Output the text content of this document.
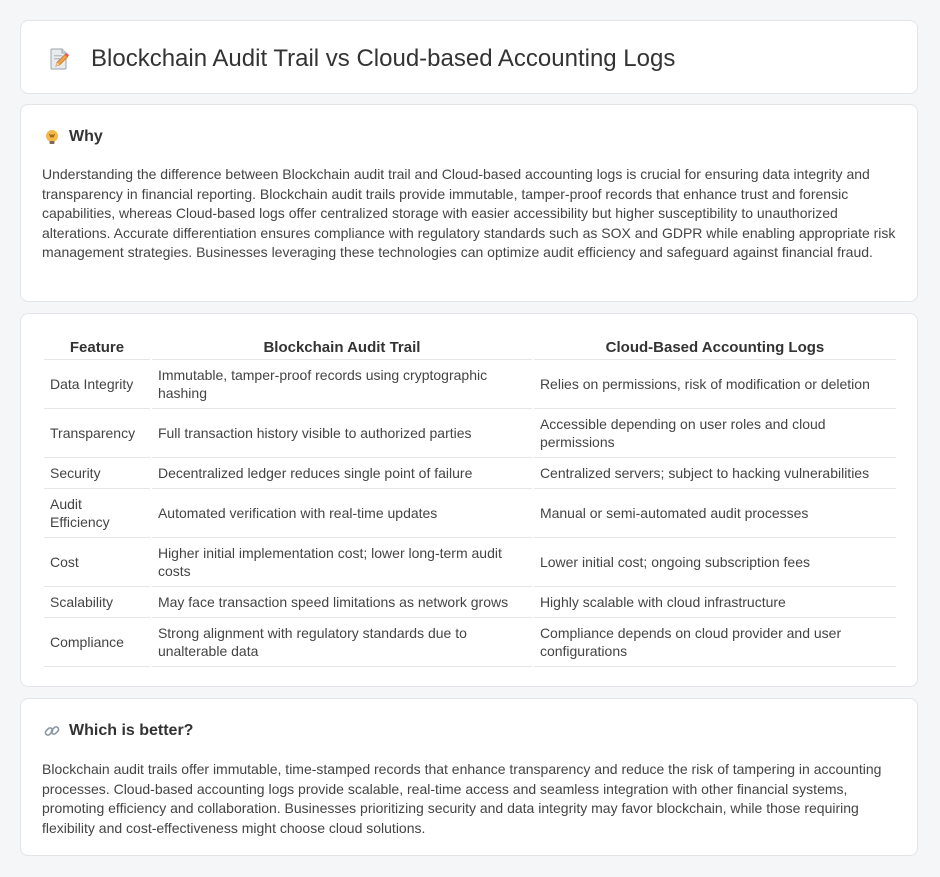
Blockchain Audit Trail vs Cloud-based Accounting Logs
Why

Understanding the difference between Blockchain audit trail and Cloud-based accounting logs is crucial for ensuring data integrity and transparency in financial reporting. Blockchain audit trails provide immutable, tamper-proof records that enhance trust and forensic capabilities, whereas Cloud-based logs offer centralized storage with easier accessibility but higher susceptibility to unauthorized alterations. Accurate differentiation ensures compliance with regulatory standards such as SOX and GDPR while enabling appropriate risk management strategies. Businesses leveraging these technologies can optimize audit efficiency and safeguard against financial fraud.

Feature	Blockchain Audit Trail	Cloud-Based Accounting Logs
Data Integrity	Immutable, tamper-proof records using cryptographic hashing	Relies on permissions, risk of modification or deletion
Transparency	Full transaction history visible to authorized parties	Accessible depending on user roles and cloud permissions
Security	Decentralized ledger reduces single point of failure	Centralized servers; subject to hacking vulnerabilities
Audit Efficiency	Automated verification with real-time updates	Manual or semi-automated audit processes
Cost	Higher initial implementation cost; lower long-term audit costs	Lower initial cost; ongoing subscription fees
Scalability	May face transaction speed limitations as network grows	Highly scalable with cloud infrastructure
Compliance	Strong alignment with regulatory standards due to unalterable data	Compliance depends on cloud provider and user configurations
Which is better?

Blockchain audit trails offer immutable, time-stamped records that enhance transparency and reduce the risk of tampering in accounting processes. Cloud-based accounting logs provide scalable, real-time access and seamless integration with other financial systems, promoting efficiency and collaboration. Businesses prioritizing security and data integrity may favor blockchain, while those requiring flexibility and cost-effectiveness might choose cloud solutions.
